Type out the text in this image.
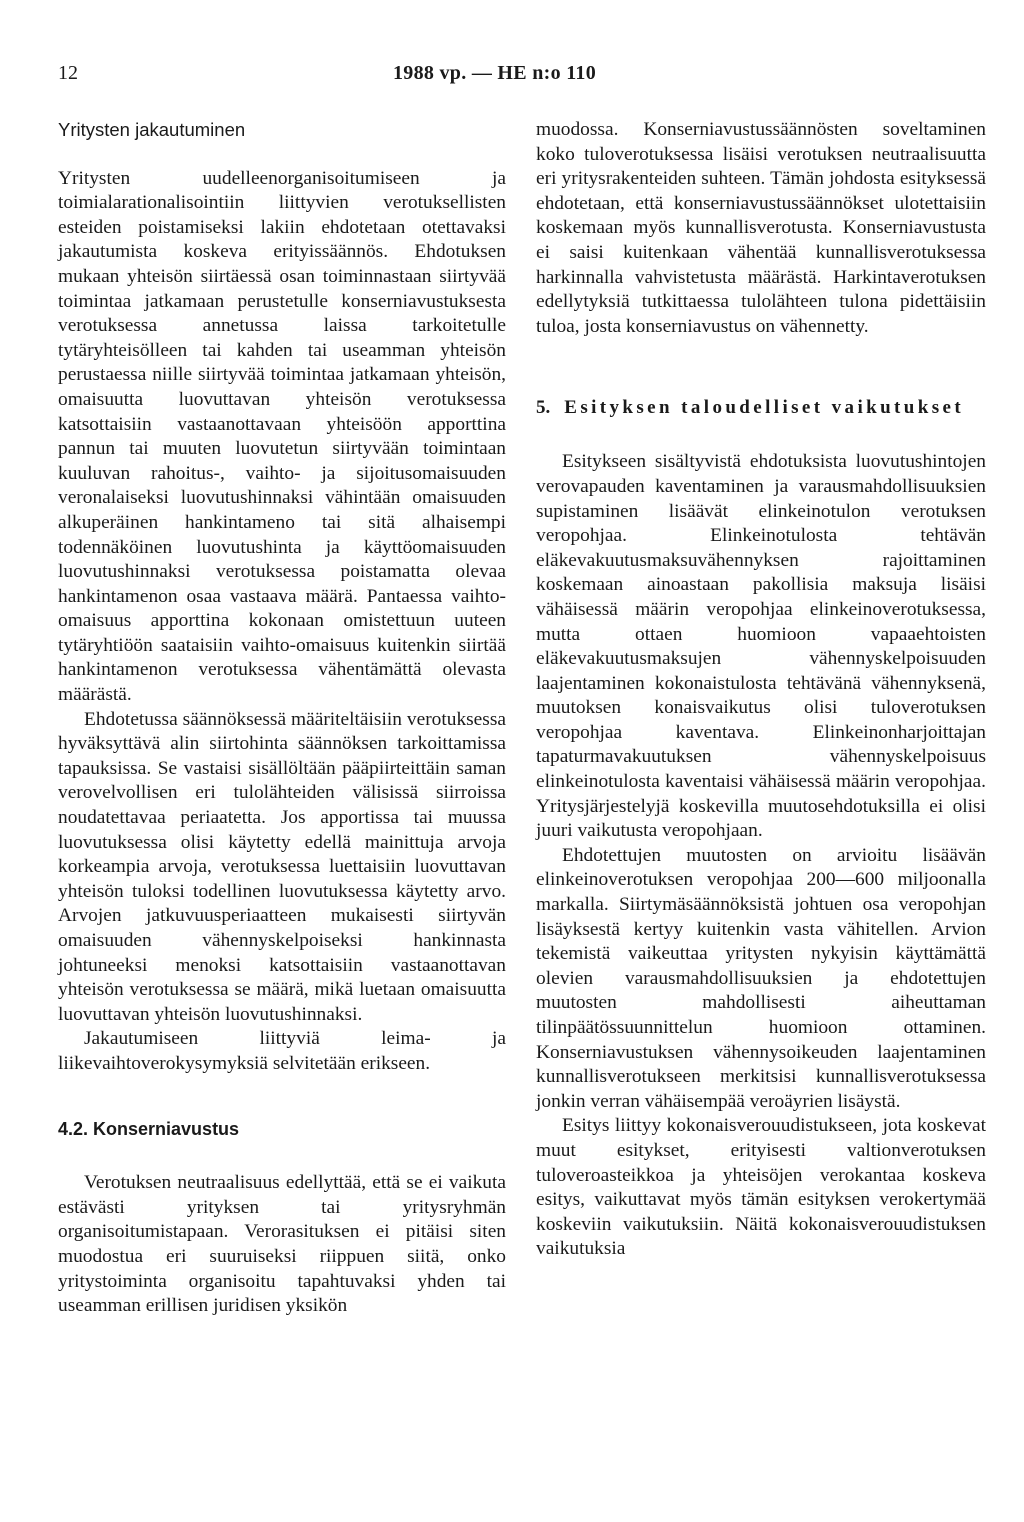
12	1988 vp. — HE n:o 110

Yritysten jakautuminen

Yritysten uudelleenorganisoitumiseen ja toimialarationalisointiin liittyvien verotuksellisten esteiden poistamiseksi lakiin ehdotetaan otettavaksi jakautumista koskeva erityissäännös. Ehdotuksen mukaan yhteisön siirtäessä osan toiminnastaan siirtyvää toimintaa jatkamaan perustetulle konserniavustuksesta verotuksessa annetussa laissa tarkoitetulle tytäryhteisölleen tai kahden tai useamman yhteisön perustaessa niille siirtyvää toimintaa jatkamaan yhteisön, omaisuutta luovuttavan yhteisön verotuksessa katsottaisiin vastaanottavaan yhteisöön apporttina pannun tai muuten luovutetun siirtyvään toimintaan kuuluvan rahoitus-, vaihto- ja sijoitusomaisuuden veronalaiseksi luovutushinnaksi vähintään omaisuuden alkuperäinen hankintameno tai sitä alhaisempi todennäköinen luovutushinta ja käyttöomaisuuden luovutushinnaksi verotuksessa poistamatta olevaa hankintamenon osaa vastaava määrä. Pantaessa vaihto-omaisuus apporttina kokonaan omistettuun uuteen tytäryhtiöön saataisiin vaihto-omaisuus kuitenkin siirtää hankintamenon verotuksessa vähentämättä olevasta määrästä.

Ehdotetussa säännöksessä määriteltäisiin verotuksessa hyväksyttävä alin siirtohinta säännöksen tarkoittamissa tapauksissa. Se vastaisi sisällöltään pääpiirteittäin saman verovelvollisen eri tulolähteiden välisissä siirroissa noudatettavaa periaatetta. Jos apportissa tai muussa luovutuksessa olisi käytetty edellä mainittuja arvoja korkeampia arvoja, verotuksessa luettaisiin luovuttavan yhteisön tuloksi todellinen luovutuksessa käytetty arvo. Arvojen jatkuvuusperiaatteen mukaisesti siirtyvän omaisuuden vähennyskelpoiseksi hankinnasta johtuneeksi menoksi katsottaisiin vastaanottavan yhteisön verotuksessa se määrä, mikä luetaan omaisuutta luovuttavan yhteisön luovutushinnaksi.

Jakautumiseen liittyviä leima- ja liikevaihtoverokysymyksiä selvitetään erikseen.

4.2. Konserniavustus

Verotuksen neutraalisuus edellyttää, että se ei vaikuta estävästi yrityksen tai yritysryhmän organisoitumistapaan. Verorasituksen ei pitäisi siten muodostua eri suuruiseksi riippuen siitä, onko yritystoiminta organisoitu tapahtuvaksi yhden tai useamman erillisen juridisen yksikön

muodossa. Konserniavustussäännösten soveltaminen koko tuloverotuksessa lisäisi verotuksen neutraalisuutta eri yritysrakenteiden suhteen. Tämän johdosta esityksessä ehdotetaan, että konserniavustussäännökset ulotettaisiin koskemaan myös kunnallisverotusta. Konserniavustusta ei saisi kuitenkaan vähentää kunnallisverotuksessa harkinnalla vahvistetusta määrästä. Harkintaverotuksen edellytyksiä tutkittaessa tulolähteen tulona pidettäisiin tuloa, josta konserniavustus on vähennetty.

5. Esityksen taloudelliset vaikutukset

Esitykseen sisältyvistä ehdotuksista luovutushintojen verovapauden kaventaminen ja varausmahdollisuuksien supistaminen lisäävät elinkeinotulon verotuksen veropohjaa. Elinkeinotulosta tehtävän eläkevakuutusmaksuvähennyksen rajoittaminen koskemaan ainoastaan pakollisia maksuja lisäisi vähäisessä määrin veropohjaa elinkeinoverotuksessa, mutta ottaen huomioon vapaaehtoisten eläkevakuutusmaksujen vähennyskelpoisuuden laajentaminen kokonaistulosta tehtävänä vähennyksenä, muutoksen konaisvaikutus olisi tuloverotuksen veropohjaa kaventava. Elinkeinonharjoittajan tapaturmavakuutuksen vähennyskelpoisuus elinkeinotulosta kaventaisi vähäisessä määrin veropohjaa. Yritysjärjestelyjä koskevilla muutosehdotuksilla ei olisi juuri vaikutusta veropohjaan.

Ehdotettujen muutosten on arvioitu lisäävän elinkeinoverotuksen veropohjaa 200—600 miljoonalla markalla. Siirtymäsäännöksistä johtuen osa veropohjan lisäyksestä kertyy kuitenkin vasta vähitellen. Arvion tekemistä vaikeuttaa yritysten nykyisin käyttämättä olevien varausmahdollisuuksien ja ehdotettujen muutosten mahdollisesti aiheuttaman tilinpäätössuunnittelun huomioon ottaminen. Konserniavustuksen vähennysoikeuden laajentaminen kunnallisverotukseen merkitsisi kunnallisverotuksessa jonkin verran vähäisempää veroäyrien lisäystä.

Esitys liittyy kokonaisverouudistukseen, jota koskevat muut esitykset, erityisesti valtionverotuksen tuloveroasteikkoa ja yhteisöjen verokantaa koskeva esitys, vaikuttavat myös tämän esityksen verokertymää koskeviin vaikutuksiin. Näitä kokonaisverouudistuksen vaikutuksia
